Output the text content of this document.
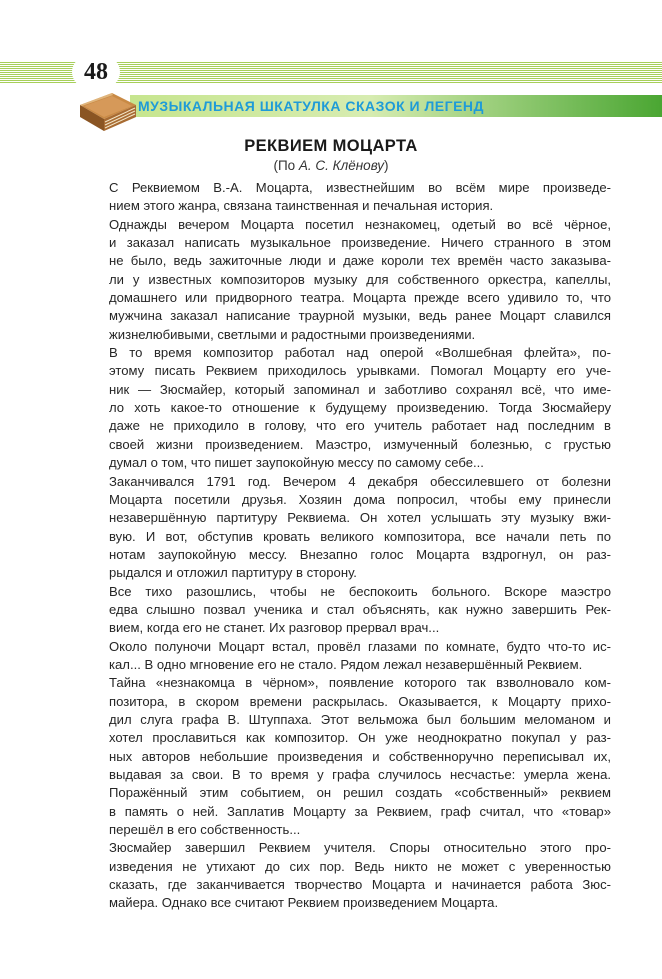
48
МУЗЫКАЛЬНАЯ ШКАТУЛКА СКАЗОК И ЛЕГЕНД
РЕКВИЕМ МОЦАРТА
(По А. С. Клёнову)

С Реквиемом В.-А. Моцарта, известнейшим во всём мире произведе-
нием этого жанра, связана таинственная и печальная история.

Однажды вечером Моцарта посетил незнакомец, одетый во всё чёрное,
и заказал написать музыкальное произведение. Ничего странного в этом
не было, ведь зажиточные люди и даже короли тех времён часто заказыва-
ли у известных композиторов музыку для собственного оркестра, капеллы,
домашнего или придворного театра. Моцарта прежде всего удивило то, что
мужчина заказал написание траурной музыки, ведь ранее Моцарт славился
жизнелюбивыми, светлыми и радостными произведениями.

В то время композитор работал над оперой «Волшебная флейта», по-
этому писать Реквием приходилось урывками. Помогал Моцарту его уче-
ник — Зюсмайер, который запоминал и заботливо сохранял всё, что име-
ло хоть какое-то отношение к будущему произведению. Тогда Зюсмайеру
даже не приходило в голову, что его учитель работает над последним в
своей жизни произведением. Маэстро, измученный болезнью, с грустью
думал о том, что пишет заупокойную мессу по самому себе...

Заканчивался 1791 год. Вечером 4 декабря обессилевшего от болезни
Моцарта посетили друзья. Хозяин дома попросил, чтобы ему принесли
незавершённую партитуру Реквиема. Он хотел услышать эту музыку вжи-
вую. И вот, обступив кровать великого композитора, все начали петь по
нотам заупокойную мессу. Внезапно голос Моцарта вздрогнул, он раз-
рыдался и отложил партитуру в сторону.

Все тихо разошлись, чтобы не беспокоить больного. Вскоре маэстро
едва слышно позвал ученика и стал объяснять, как нужно завершить Рек-
вием, когда его не станет. Их разговор прервал врач...

Около полуночи Моцарт встал, провёл глазами по комнате, будто что-то ис-
кал... В одно мгновение его не стало. Рядом лежал незавершённый Реквием.

Тайна «незнакомца в чёрном», появление которого так взволновало ком-
позитора, в скором времени раскрылась. Оказывается, к Моцарту прихо-
дил слуга графа В. Штуппаха. Этот вельможа был большим меломаном и
хотел прославиться как композитор. Он уже неоднократно покупал у раз-
ных авторов небольшие произведения и собственноручно переписывал их,
выдавая за свои. В то время у графа случилось несчастье: умерла жена.
Поражённый этим событием, он решил создать «собственный» реквием
в память о ней. Заплатив Моцарту за Реквием, граф считал, что «товар»
перешёл в его собственность...

Зюсмайер завершил Реквием учителя. Споры относительно этого про-
изведения не утихают до сих пор. Ведь никто не может с уверенностью
сказать, где заканчивается творчество Моцарта и начинается работа Зюс-
майера. Однако все считают Реквием произведением Моцарта.
